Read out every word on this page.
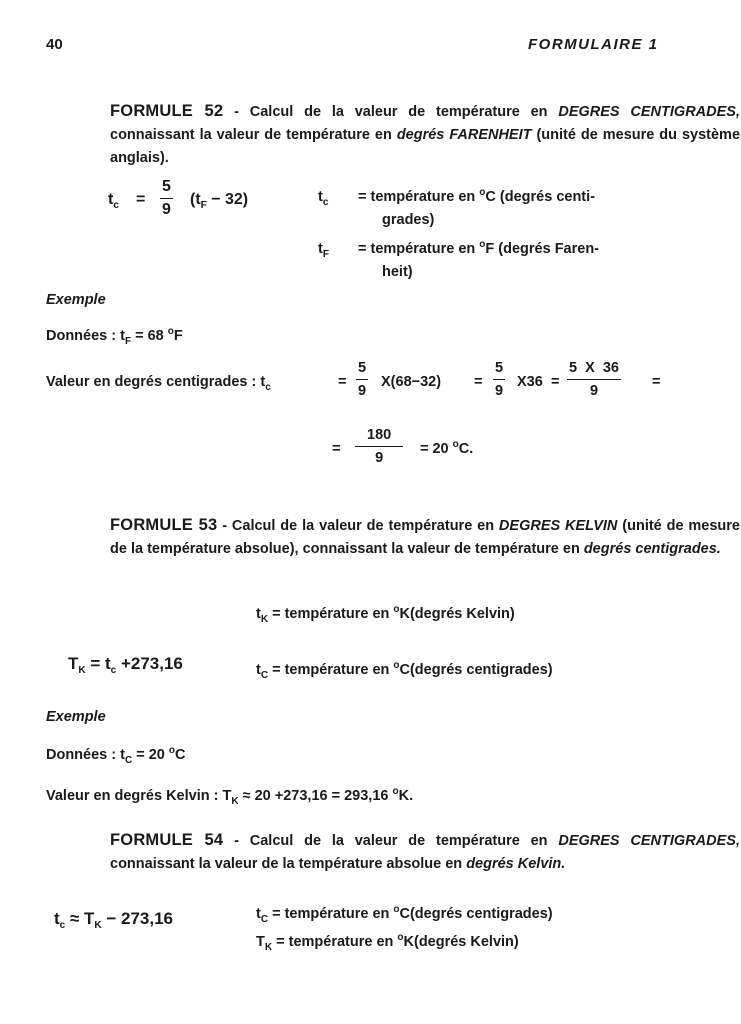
40	FORMULAIRE 1
FORMULE 52 - Calcul de la valeur de température en DEGRES CENTIGRADES, connaissant la valeur de température en degrés FARENHEIT (unité de mesure du système anglais).
$t_c$ =
5
9
$(t_F - 32)$	$t_c$ = température en $^o$C (degrés centi-
grades)
$t_F$ = température en $^o$F (degrés Faren-
heit)
Exemple
Données : $t_F = 68$ $^o$F
Valeur en degrés centigrades : $t_c$	=
5
9
X(68−32) =
5
9
X36 =
5  X  36
9
=
=
180
9
= 20 $^o$C.
FORMULE 53 - Calcul de la valeur de température en DEGRES KELVIN (unité de mesure de la température absolue), connaissant la valeur de température en degrés centigrades.
$t_K$ = température en $^o$K(degrés Kelvin)
$T_K = t_c +273,16$	$t_C$ = température en $^o$C(degrés centigrades)
Exemple
Données : $t_C = 20$ $^o$C
Valeur en degrés Kelvin : $T_K \approx 20 +273,16 = 293,16$ $^o$K.
FORMULE 54 - Calcul de la valeur de température en DEGRES CENTIGRADES, connaissant la valeur de la température absolue en degrés Kelvin.
$t_c \approx T_K - 273,16$	$t_C$ = température en $^o$C(degrés centigrades)
$T_K$ = température en $^o$K(degrés Kelvin)
